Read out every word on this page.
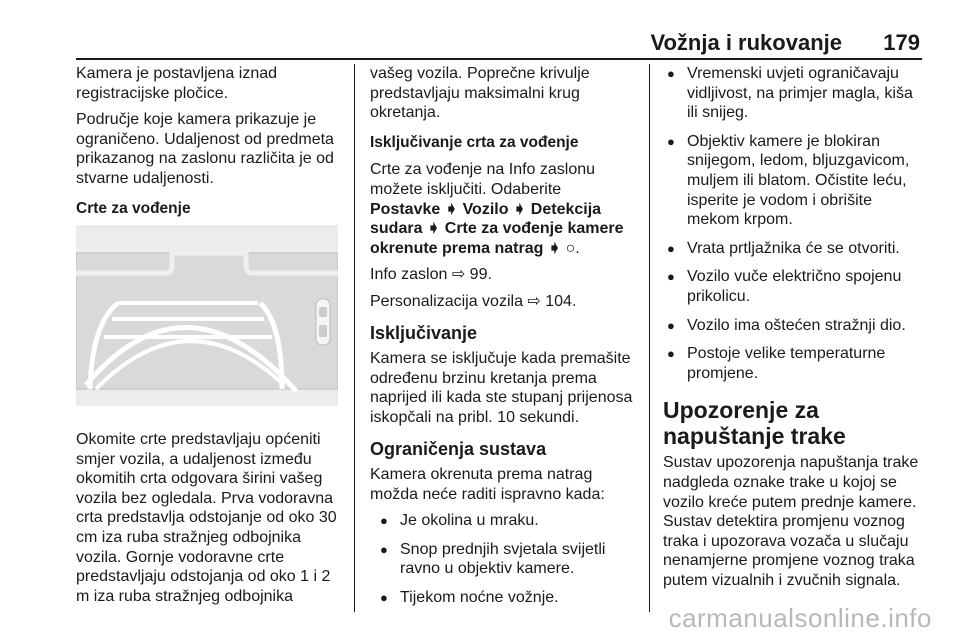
Vožnja i rukovanje 179

Kamera je postavljena iznad registracijske pločice.

Područje koje kamera prikazuje je ograničeno. Udaljenost od predmeta prikazanog na zaslonu različita je od stvarne udaljenosti.

Crte za vođenje

Okomite crte predstavljaju općeniti smjer vozila, a udaljenost između okomitih crta odgovara širini vašeg vozila bez ogledala. Prva vodoravna crta predstavlja odstojanje od oko 30 cm iza ruba stražnjeg odbojnika vozila. Gornje vodoravne crte predstavljaju odstojanja od oko 1 i 2 m iza ruba stražnjeg odbojnika

vašeg vozila. Poprečne krivulje predstavljaju maksimalni krug okretanja.

Isključivanje crta za vođenje

Crte za vođenje na Info zaslonu možete isključiti. Odaberite Postavke ➧ Vozilo ➧ Detekcija sudara ➧ Crte za vođenje kamere okrenute prema natrag ➧ ○.

Info zaslon ⇨ 99.

Personalizacija vozila ⇨ 104.

Isključivanje

Kamera se isključuje kada premašite određenu brzinu kretanja prema naprijed ili kada ste stupanj prijenosa iskopčali na pribl. 10 sekundi.

Ograničenja sustava

Kamera okrenuta prema natrag možda neće raditi ispravno kada:

● Je okolina u mraku.
● Snop prednjih svjetala svijetli ravno u objektiv kamere.
● Tijekom noćne vožnje.
● Vremenski uvjeti ograničavaju vidljivost, na primjer magla, kiša ili snijeg.
● Objektiv kamere je blokiran snijegom, ledom, bljuzgavicom, muljem ili blatom. Očistite leću, isperite je vodom i obrišite mekom krpom.
● Vrata prtljažnika će se otvoriti.
● Vozilo vuče električno spojenu prikolicu.
● Vozilo ima oštećen stražnji dio.
● Postoje velike temperaturne promjene.
Upozorenje za napuštanje trake

Sustav upozorenja napuštanja trake nadgleda oznake trake u kojoj se vozilo kreće putem prednje kamere. Sustav detektira promjenu voznog traka i upozorava vozača u slučaju nenamjerne promjene voznog traka putem vizualnih i zvučnih signala.

carmanualsonline.info
